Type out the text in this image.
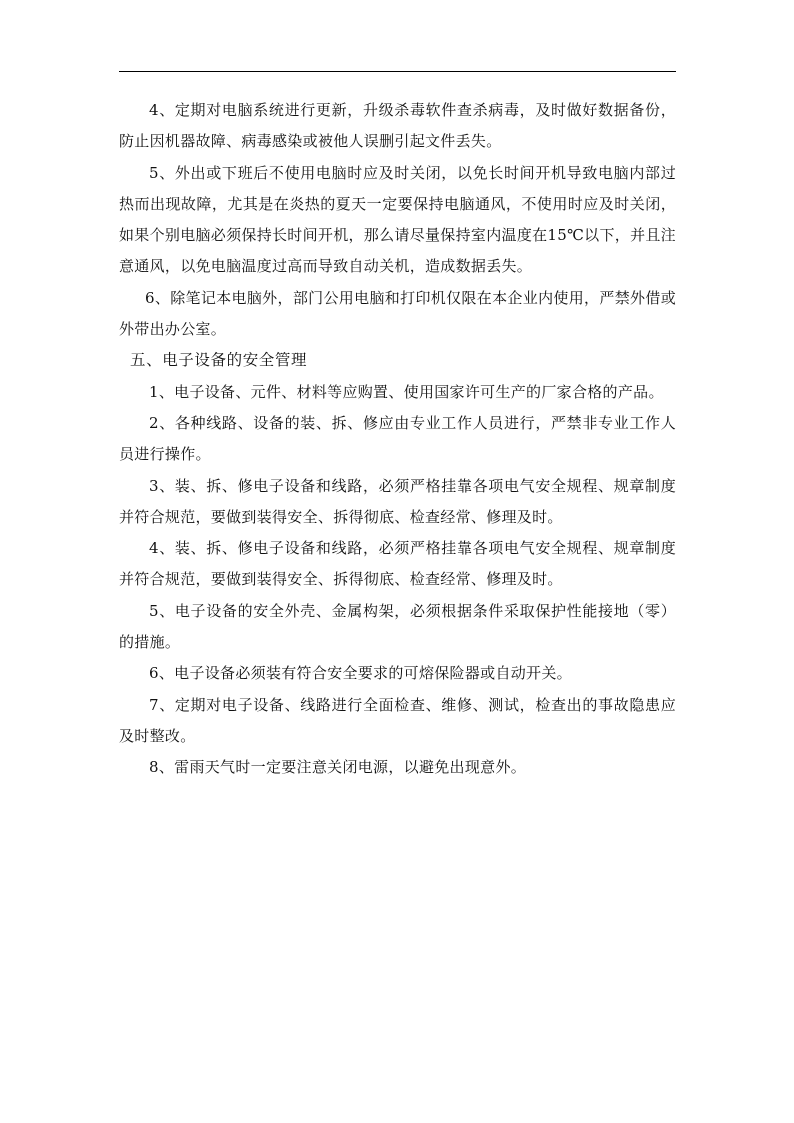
4、定期对电脑系统进行更新，升级杀毒软件查杀病毒，及时做好数据备份，防止因机器故障、病毒感染或被他人误删引起文件丢失。

5、外出或下班后不使用电脑时应及时关闭，以免长时间开机导致电脑内部过热而出现故障，尤其是在炎热的夏天一定要保持电脑通风，不使用时应及时关闭，如果个别电脑必须保持长时间开机，那么请尽量保持室内温度在15℃以下，并且注意通风，以免电脑温度过高而导致自动关机，造成数据丢失。

6、除笔记本电脑外，部门公用电脑和打印机仅限在本企业内使用，严禁外借或外带出办公室。

五、电子设备的安全管理

1、电子设备、元件、材料等应购置、使用国家许可生产的厂家合格的产品。

2、各种线路、设备的装、拆、修应由专业工作人员进行，严禁非专业工作人员进行操作。

3、装、拆、修电子设备和线路，必须严格挂靠各项电气安全规程、规章制度并符合规范，要做到装得安全、拆得彻底、检查经常、修理及时。

4、装、拆、修电子设备和线路，必须严格挂靠各项电气安全规程、规章制度并符合规范，要做到装得安全、拆得彻底、检查经常、修理及时。

5、电子设备的安全外壳、金属构架，必须根据条件采取保护性能接地（零）的措施。

6、电子设备必须装有符合安全要求的可熔保险器或自动开关。

7、定期对电子设备、线路进行全面检查、维修、测试，检查出的事故隐患应及时整改。

8、雷雨天气时一定要注意关闭电源，以避免出现意外。
